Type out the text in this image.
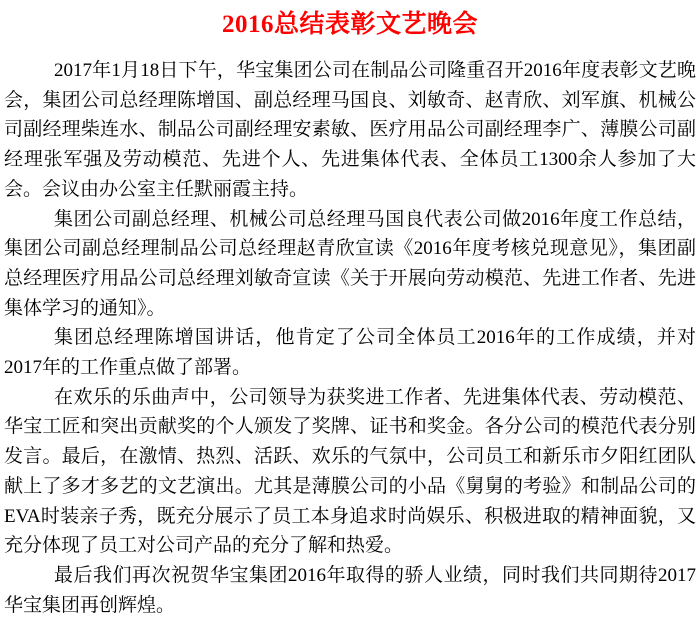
2016总结表彰文艺晚会

2017年1月18日下午，华宝集团公司在制品公司隆重召开2016年度表彰文艺晚会，集团公司总经理陈增国、副总经理马国良、刘敏奇、赵青欣、刘军旗、机械公司副经理柴连水、制品公司副经理安素敏、医疗用品公司副经理李广、薄膜公司副经理张军强及劳动模范、先进个人、先进集体代表、全体员工1300余人参加了大会。会议由办公室主任默丽霞主持。

集团公司副总经理、机械公司总经理马国良代表公司做2016年度工作总结，集团公司副总经理制品公司总经理赵青欣宣读《2016年度考核兑现意见》，集团副总经理医疗用品公司总经理刘敏奇宣读《关于开展向劳动模范、先进工作者、先进集体学习的通知》。

集团总经理陈增国讲话，他肯定了公司全体员工2016年的工作成绩，并对2017年的工作重点做了部署。

在欢乐的乐曲声中，公司领导为获奖进工作者、先进集体代表、劳动模范、华宝工匠和突出贡献奖的个人颁发了奖牌、证书和奖金。各分公司的模范代表分别发言。最后，在激情、热烈、活跃、欢乐的气氛中，公司员工和新乐市夕阳红团队献上了多才多艺的文艺演出。尤其是薄膜公司的小品《舅舅的考验》和制品公司的EVA时装亲子秀，既充分展示了员工本身追求时尚娱乐、积极进取的精神面貌，又充分体现了员工对公司产品的充分了解和热爱。

最后我们再次祝贺华宝集团2016年取得的骄人业绩，同时我们共同期待2017华宝集团再创辉煌。
